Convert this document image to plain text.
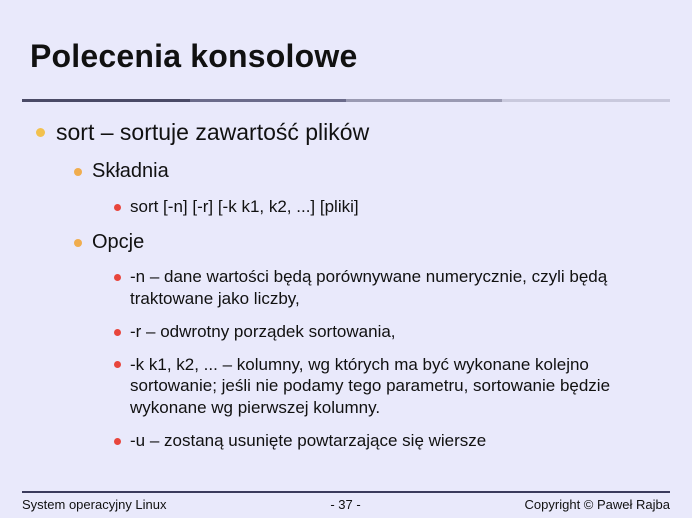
Polecenia konsolowe
sort – sortuje zawartość plików
Składnia
sort [-n] [-r] [-k k1, k2, ...] [pliki]
Opcje
-n – dane wartości będą porównywane numerycznie, czyli będą traktowane jako liczby,
-r – odwrotny porządek sortowania,
-k k1, k2, ... – kolumny, wg których ma być wykonane kolejno sortowanie; jeśli nie podamy tego parametru, sortowanie będzie wykonane wg pierwszej kolumny.
-u – zostaną usunięte powtarzające się wiersze
System operacyjny Linux	- 37 -	Copyright © Paweł Rajba
